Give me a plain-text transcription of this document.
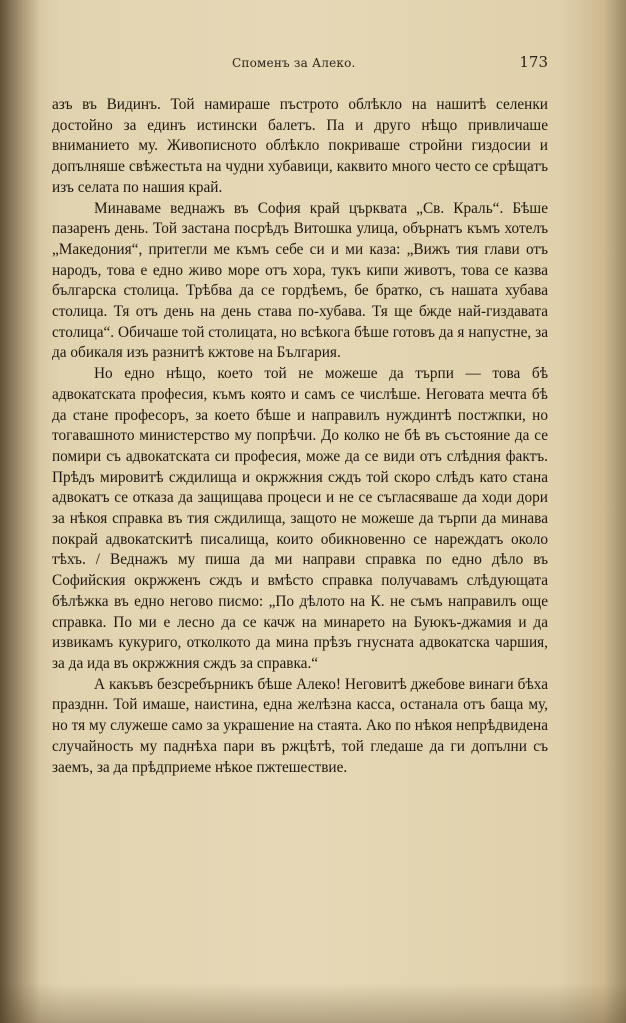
Споменъ за Алеко.	173

азъ въ Видинъ. Той намираше пъстрото облѣкло на нашитѣ селенки достойно за единъ истински балетъ. Па и друго нѣщо привличаше вниманието му. Живописното облѣкло покриваше стройни гиздосии и допълняше свѣжестьта на чудни хубавици, каквито много често се срѣщатъ изъ селата по нашия край.

Минаваме веднажъ въ София край църквата „Св. Краль“. Бѣше пазаренъ день. Той застана посрѣдъ Витошка улица, обърнатъ къмъ хотелъ „Македония“, притегли ме къмъ себе си и ми каза: „Вижъ тия глави отъ народъ, това е едно живо море отъ хора, тукъ кипи животъ, това се казва българска столица. Трѣбва да се гордѣемъ, бе братко, съ нашата хубава столица. Тя отъ день на день става по-хубава. Тя ще бжде най-гиздавата столица“. Обичаше той столицата, но всѣкога бѣше готовъ да я напустне, за да обикаля изъ разнитѣ кжтове на България.

Но едно нѣщо, което той не можеше да търпи — това бѣ адвокатската професия, къмъ която и самъ се числѣше. Неговата мечта бѣ да стане професоръ, за което бѣше и направилъ нуждинтѣ постжпки, но тогавашното министерство му попрѣчи. До колко не бѣ въ състояние да се помири съ адвокатската си професия, може да се види отъ слѣдния фактъ. Прѣдъ мировитѣ сждилища и окржжния сждъ той скоро слѣдъ като стана адвокатъ се отказа да защищава процеси и не се съгласяваше да ходи дори за нѣкоя справка въ тия сждилища, защото не можеше да търпи да минава покрай адвокатскитѣ писалища, които обикновенно се нареждатъ около тѣхъ. / Веднажъ му пиша да ми направи справка по едно дѣло въ Софийския окржженъ сждъ и вмѣсто справка получавамъ слѣдующата бѣлѣжка въ едно негово писмо: „По дѣлото на К. не съмъ направилъ още справка. По ми е лесно да се качж на минарето на Буюкъ-джамия и да извикамъ кукуриго, отколкото да мина прѣзъ гнусната адвокатска чаршия, за да ида въ окржжния сждъ за справка.“

А какъвъ безсребърникъ бѣше Алеко! Неговитѣ джебове винаги бѣха празднн. Той имаше, наистина, една желѣзна касса, останала отъ баща му, но тя му служеше само за украшение на стаята. Ако по нѣкоя непрѣдвидена случайность му паднѣха пари въ ржцѣтѣ, той гледаше да ги допълни съ заемъ, за да прѣдприеме нѣкое пжтешествие.
